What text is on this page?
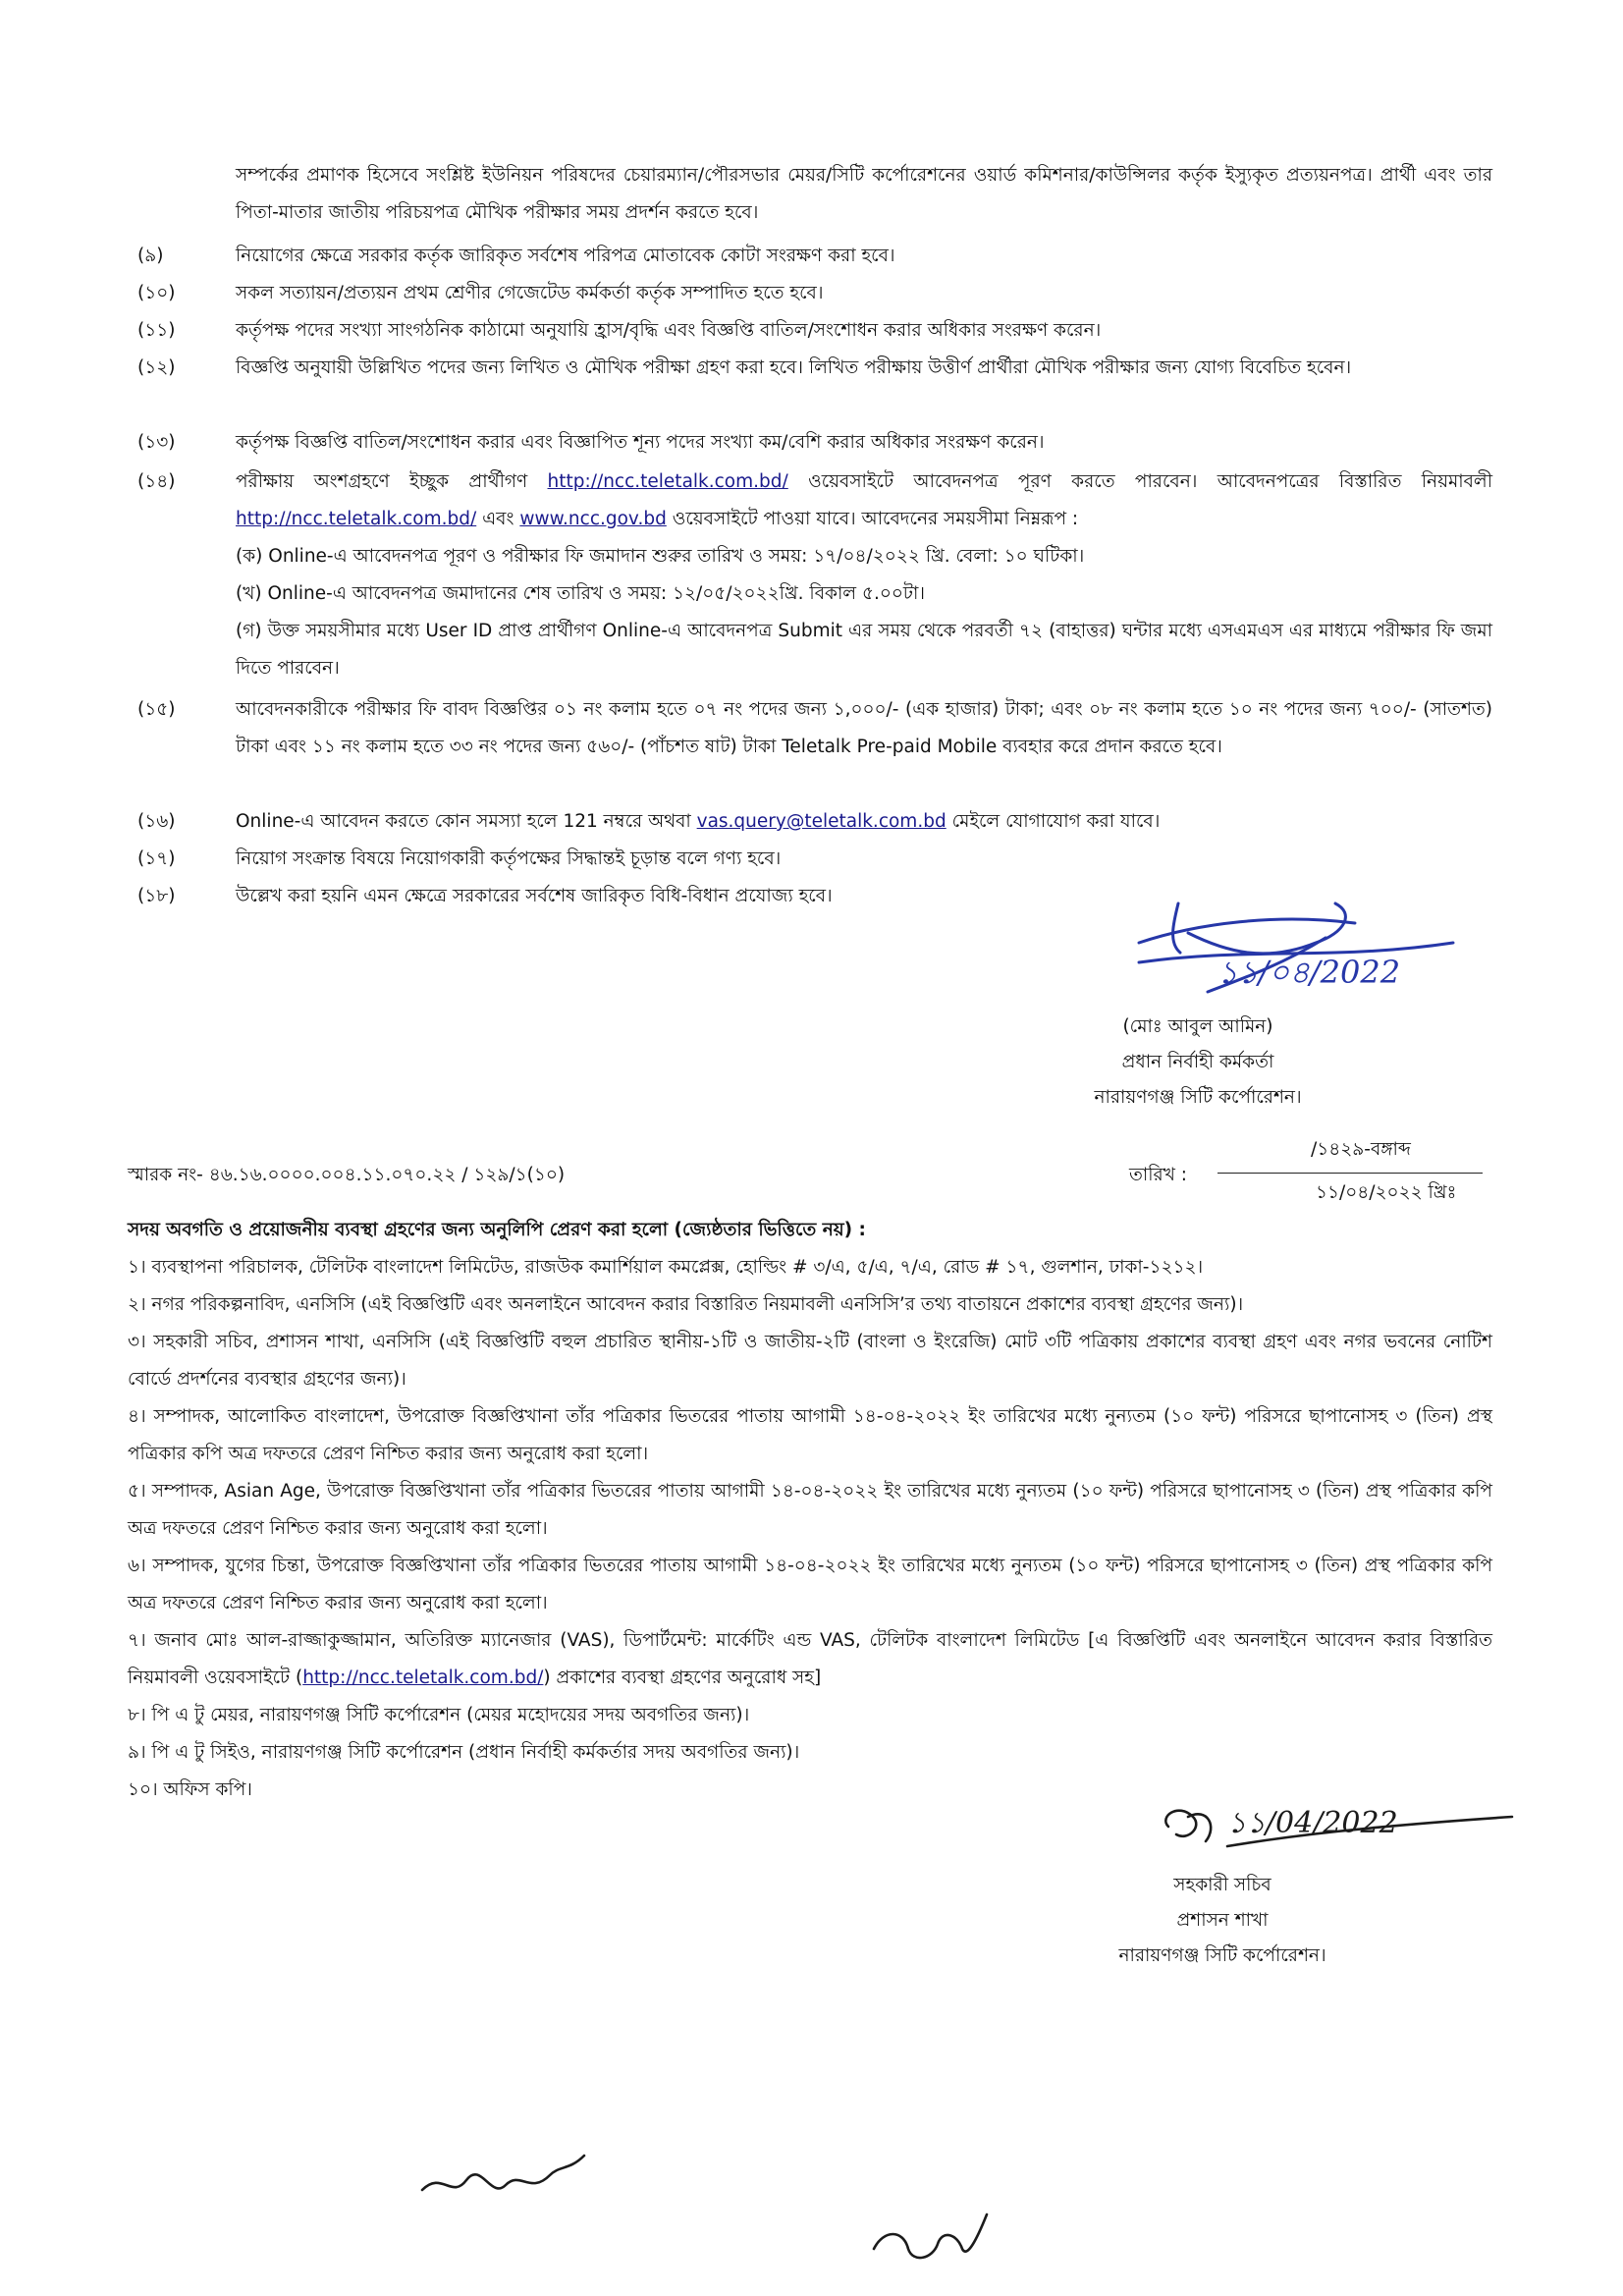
সম্পর্কের প্রমাণক হিসেবে সংশ্লিষ্ট ইউনিয়ন পরিষদের চেয়ারম্যান/পৌরসভার মেয়র/সিটি কর্পোরেশনের ওয়ার্ড কমিশনার/কাউন্সিলর কর্তৃক ইস্যুকৃত প্রত্যয়নপত্র। প্রার্থী এবং তার পিতা-মাতার জাতীয় পরিচয়পত্র মৌখিক পরীক্ষার সময় প্রদর্শন করতে হবে।
(৯)	নিয়োগের ক্ষেত্রে সরকার কর্তৃক জারিকৃত সর্বশেষ পরিপত্র মোতাবেক কোটা সংরক্ষণ করা হবে।
(১০)	সকল সত্যায়ন/প্রত্যয়ন প্রথম শ্রেণীর গেজেটেড কর্মকর্তা কর্তৃক সম্পাদিত হতে হবে।
(১১)	কর্তৃপক্ষ পদের সংখ্যা সাংগঠনিক কাঠামো অনুযায়ি হ্রাস/বৃদ্ধি এবং বিজ্ঞপ্তি বাতিল/সংশোধন করার অধিকার সংরক্ষণ করেন।
(১২)	বিজ্ঞপ্তি অনুযায়ী উল্লিখিত পদের জন্য লিখিত ও মৌখিক পরীক্ষা গ্রহণ করা হবে। লিখিত পরীক্ষায় উত্তীর্ণ প্রার্থীরা মৌখিক পরীক্ষার জন্য যোগ্য বিবেচিত হবেন।
(১৩)	কর্তৃপক্ষ বিজ্ঞপ্তি বাতিল/সংশোধন করার এবং বিজ্ঞাপিত শূন্য পদের সংখ্যা কম/বেশি করার অধিকার সংরক্ষণ করেন।
(১৪)	পরীক্ষায় অংশগ্রহণে ইচ্ছুক প্রার্থীগণ http://ncc.teletalk.com.bd/ ওয়েবসাইটে আবেদনপত্র পূরণ করতে পারবেন। আবেদনপত্রের বিস্তারিত নিয়মাবলী http://ncc.teletalk.com.bd/ এবং www.ncc.gov.bd ওয়েবসাইটে পাওয়া যাবে। আবেদনের সময়সীমা নিম্নরূপ :
(ক) Online-এ আবেদনপত্র পূরণ ও পরীক্ষার ফি জমাদান শুরুর তারিখ ও সময়: ১৭/০৪/২০২২ খ্রি. বেলা: ১০ ঘটিকা।
(খ) Online-এ আবেদনপত্র জমাদানের শেষ তারিখ ও সময়: ১২/০৫/২০২২খ্রি. বিকাল ৫.০০টা।
(গ) উক্ত সময়সীমার মধ্যে User ID প্রাপ্ত প্রার্থীগণ Online-এ আবেদনপত্র Submit এর সময় থেকে পরবর্তী ৭২ (বাহাত্তর) ঘন্টার মধ্যে এসএমএস এর মাধ্যমে পরীক্ষার ফি জমা দিতে পারবেন।
(১৫)	আবেদনকারীকে পরীক্ষার ফি বাবদ বিজ্ঞপ্তির ০১ নং কলাম হতে ০৭ নং পদের জন্য ১,০০০/- (এক হাজার) টাকা; এবং ০৮ নং কলাম হতে ১০ নং পদের জন্য ৭০০/- (সাতশত) টাকা এবং ১১ নং কলাম হতে ৩৩ নং পদের জন্য ৫৬০/- (পাঁচশত ষাট) টাকা Teletalk Pre-paid Mobile ব্যবহার করে প্রদান করতে হবে।
(১৬)	Online-এ আবেদন করতে কোন সমস্যা হলে 121 নম্বরে অথবা vas.query@teletalk.com.bd মেইলে যোগাযোগ করা যাবে।
(১৭)	নিয়োগ সংক্রান্ত বিষয়ে নিয়োগকারী কর্তৃপক্ষের সিদ্ধান্তই চূড়ান্ত বলে গণ্য হবে।
(১৮)	উল্লেখ করা হয়নি এমন ক্ষেত্রে সরকারের সর্বশেষ জারিকৃত বিধি-বিধান প্রযোজ্য হবে।
১১/০৪/2022
(মোঃ আবুল আমিন)
প্রধান নির্বাহী কর্মকর্তা
নারায়ণগঞ্জ সিটি কর্পোরেশন।
স্মারক নং- ৪৬.১৬.০০০০.০০৪.১১.০৭০.২২ / ১২৯/১(১০)	তারিখ :
/১৪২৯-বঙ্গাব্দ
১১/০৪/২০২২ খ্রিঃ
সদয় অবগতি ও প্রয়োজনীয় ব্যবস্থা গ্রহণের জন্য অনুলিপি প্রেরণ করা হলো (জ্যেষ্ঠতার ভিত্তিতে নয়) :
১। ব্যবস্থাপনা পরিচালক, টেলিটক বাংলাদেশ লিমিটেড, রাজউক কমার্শিয়াল কমপ্লেক্স, হোল্ডিং # ৩/এ, ৫/এ, ৭/এ, রোড # ১৭, গুলশান, ঢাকা-১২১২।
২। নগর পরিকল্পনাবিদ, এনসিসি (এই বিজ্ঞপ্তিটি এবং অনলাইনে আবেদন করার বিস্তারিত নিয়মাবলী এনসিসি’র তথ্য বাতায়নে প্রকাশের ব্যবস্থা গ্রহণের জন্য)।
৩। সহকারী সচিব, প্রশাসন শাখা, এনসিসি (এই বিজ্ঞপ্তিটি বহুল প্রচারিত স্থানীয়-১টি ও জাতীয়-২টি (বাংলা ও ইংরেজি) মোট ৩টি পত্রিকায় প্রকাশের ব্যবস্থা গ্রহণ এবং নগর ভবনের নোটিশ বোর্ডে প্রদর্শনের ব্যবস্থার গ্রহণের জন্য)।
৪। সম্পাদক, আলোকিত বাংলাদেশ, উপরোক্ত বিজ্ঞপ্তিখানা তাঁর পত্রিকার ভিতরের পাতায় আগামী ১৪-০৪-২০২২ ইং তারিখের মধ্যে নুন্যতম (১০ ফন্ট) পরিসরে ছাপানোসহ ৩ (তিন) প্রস্থ পত্রিকার কপি অত্র দফতরে প্রেরণ নিশ্চিত করার জন্য অনুরোধ করা হলো।
৫। সম্পাদক, Asian Age, উপরোক্ত বিজ্ঞপ্তিখানা তাঁর পত্রিকার ভিতরের পাতায় আগামী ১৪-০৪-২০২২ ইং তারিখের মধ্যে নুন্যতম (১০ ফন্ট) পরিসরে ছাপানোসহ ৩ (তিন) প্রস্থ পত্রিকার কপি অত্র দফতরে প্রেরণ নিশ্চিত করার জন্য অনুরোধ করা হলো।
৬। সম্পাদক, যুগের চিন্তা, উপরোক্ত বিজ্ঞপ্তিখানা তাঁর পত্রিকার ভিতরের পাতায় আগামী ১৪-০৪-২০২২ ইং তারিখের মধ্যে নুন্যতম (১০ ফন্ট) পরিসরে ছাপানোসহ ৩ (তিন) প্রস্থ পত্রিকার কপি অত্র দফতরে প্রেরণ নিশ্চিত করার জন্য অনুরোধ করা হলো।
৭। জনাব মোঃ আল-রাজ্জাকুজ্জামান, অতিরিক্ত ম্যানেজার (VAS), ডিপার্টমেন্ট: মার্কেটিং এন্ড VAS, টেলিটক বাংলাদেশ লিমিটেড [এ বিজ্ঞপ্তিটি এবং অনলাইনে আবেদন করার বিস্তারিত নিয়মাবলী ওয়েবসাইটে (http://ncc.teletalk.com.bd/) প্রকাশের ব্যবস্থা গ্রহণের অনুরোধ সহ]
৮। পি এ টু মেয়র, নারায়ণগঞ্জ সিটি কর্পোরেশন (মেয়র মহোদয়ের সদয় অবগতির জন্য)।
৯। পি এ টু সিইও, নারায়ণগঞ্জ সিটি কর্পোরেশন (প্রধান নির্বাহী কর্মকর্তার সদয় অবগতির জন্য)।
১০। অফিস কপি।
১১/04/2022
সহকারী সচিব
প্রশাসন শাখা
নারায়ণগঞ্জ সিটি কর্পোরেশন।
